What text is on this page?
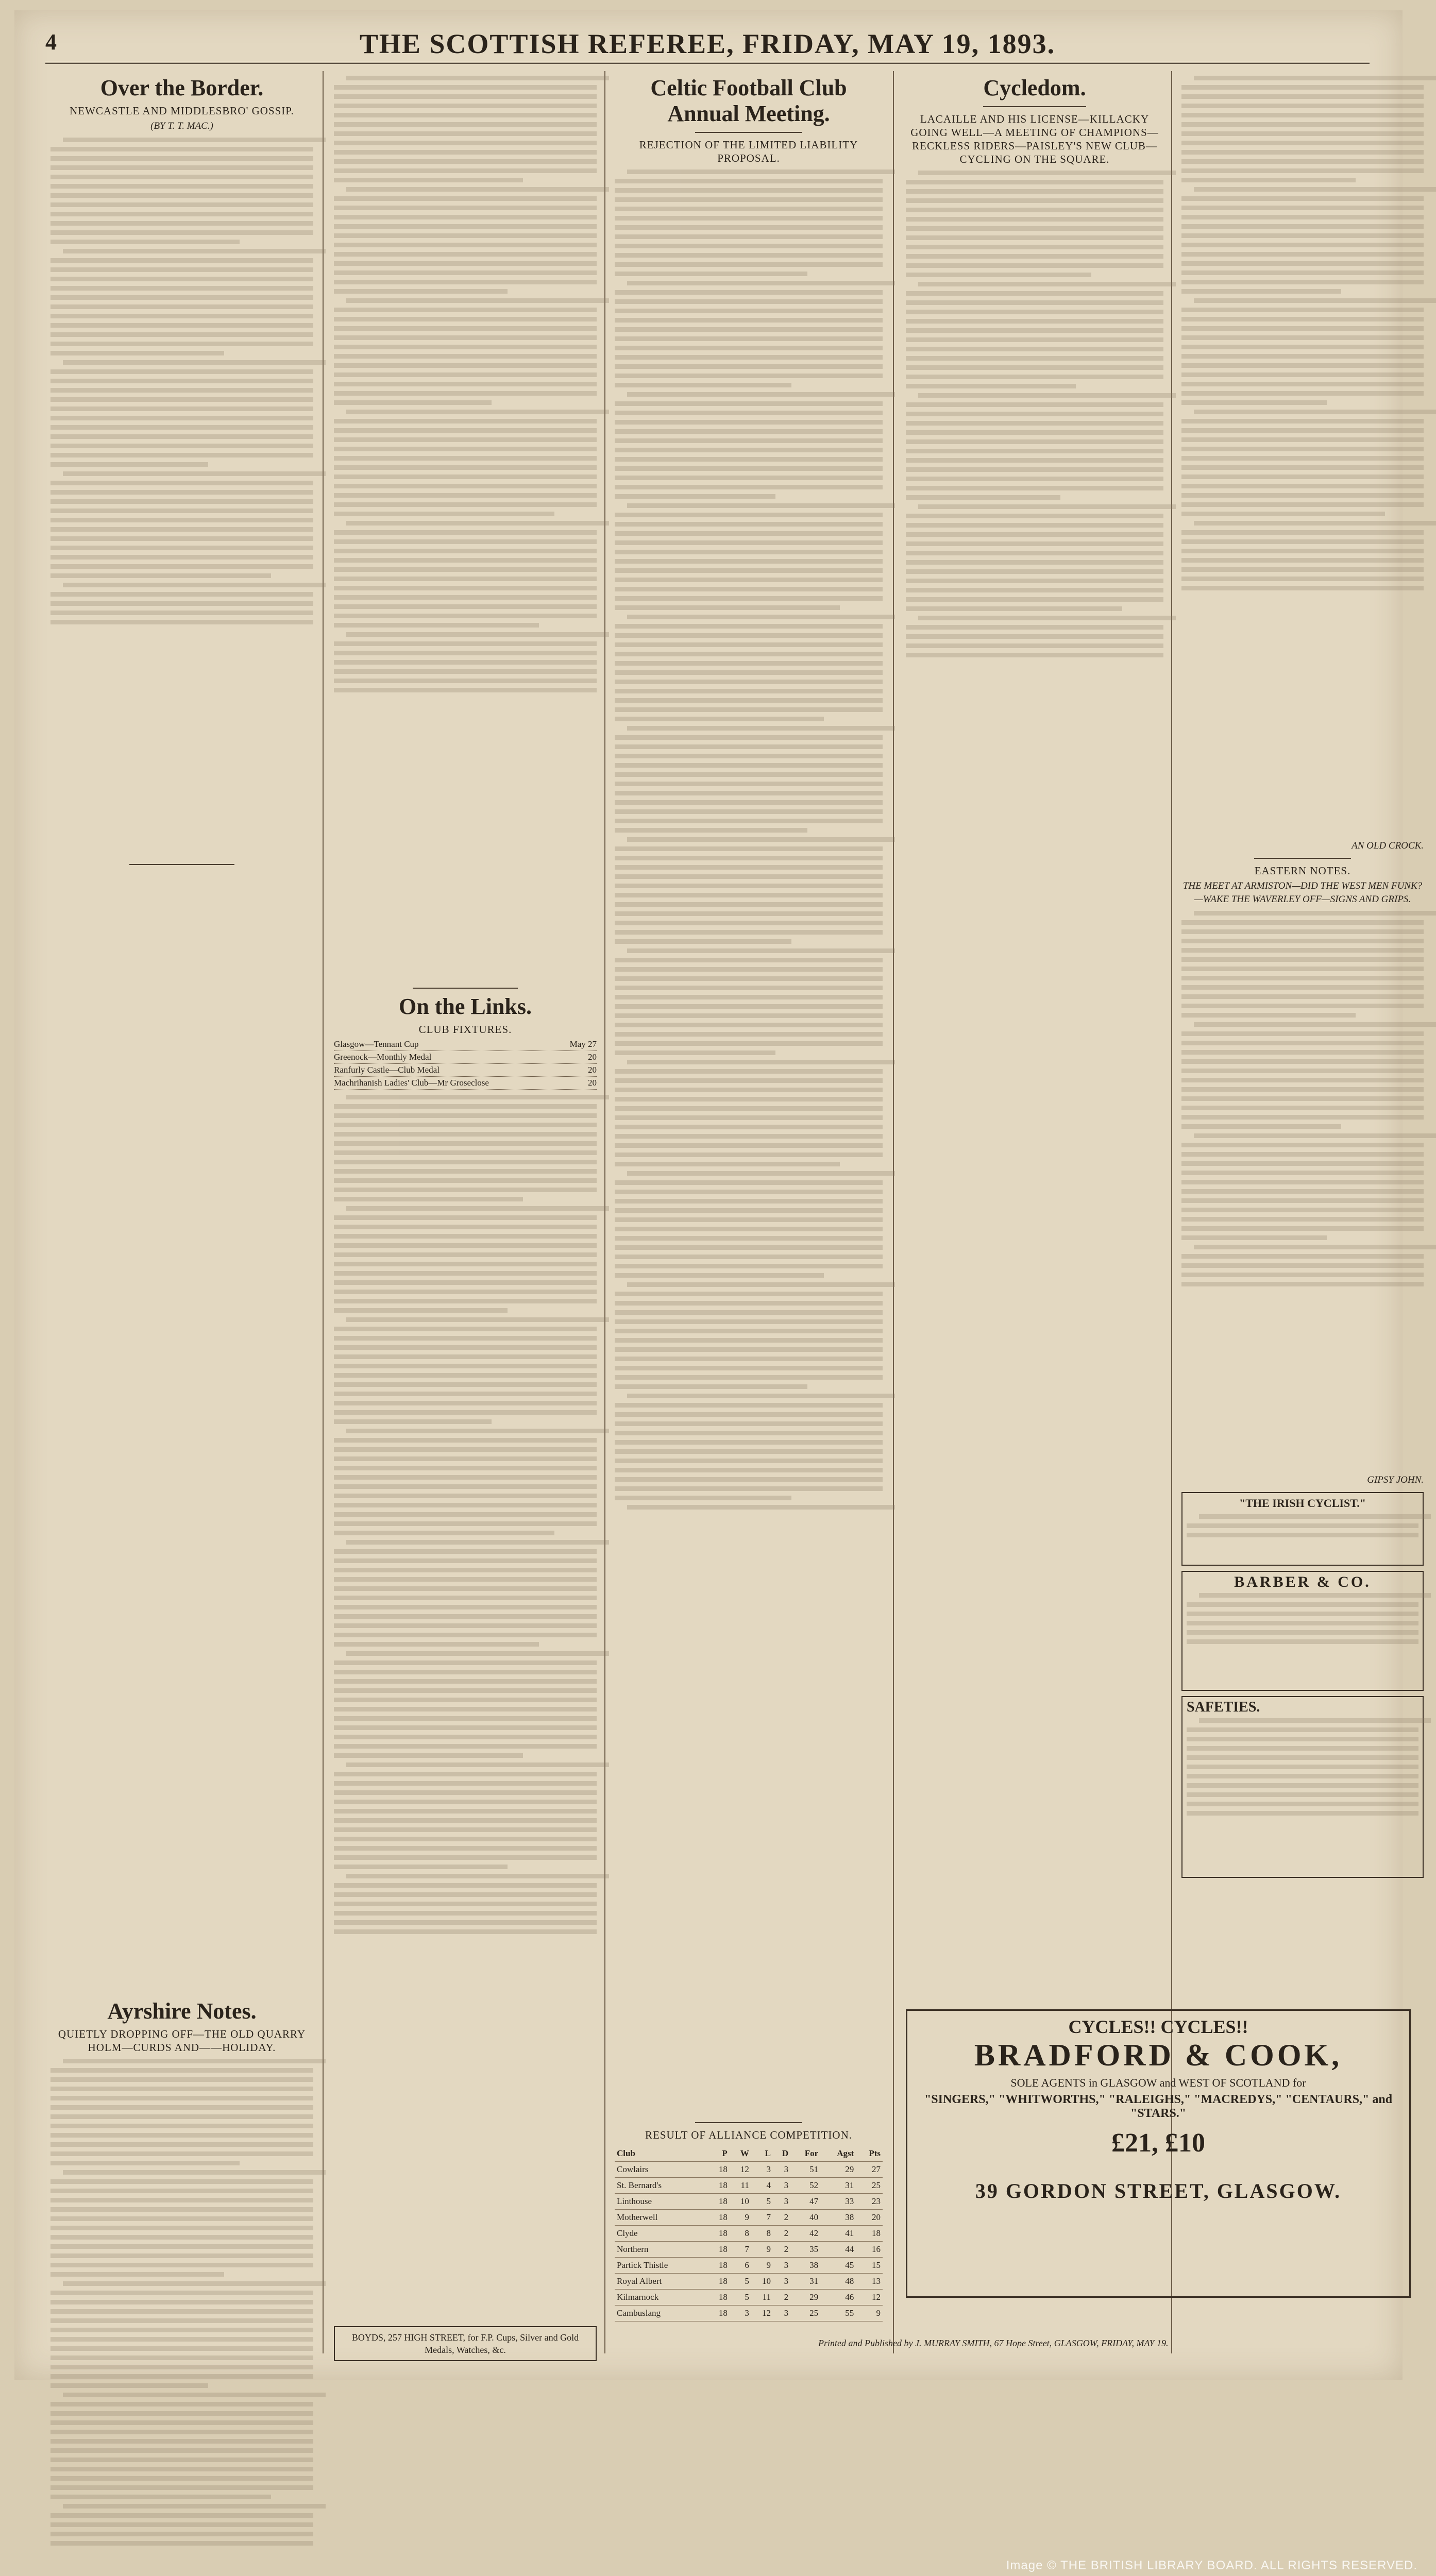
4	THE SCOTTISH REFEREE, FRIDAY, MAY 19, 1893.
Over the Border.
NEWCASTLE AND MIDDLESBRO' GOSSIP.
(BY T. T. MAC.)
Ayrshire Notes.
QUIETLY DROPPING OFF—THE OLD QUARRY HOLM—CURDS AND——HOLIDAY.
On the Links.
CLUB FIXTURES.
Glasgow—Tennant Cup	May 27
Greenock—Monthly Medal	20
Ranfurly Castle—Club Medal	20
Machrihanish Ladies' Club—Mr Groseclose	20
BOYDS, 257 HIGH STREET, for F.P. Cups, Silver and Gold Medals, Watches, &c.
Celtic Football Club Annual Meeting.
REJECTION OF THE LIMITED LIABILITY PROPOSAL.
RESULT OF ALLIANCE COMPETITION.
Club	P	W	L	D	For	Agst	Pts
Cowlairs	18	12	3	3	51	29	27
St. Bernard's	18	11	4	3	52	31	25
Linthouse	18	10	5	3	47	33	23
Motherwell	18	9	7	2	40	38	20
Clyde	18	8	8	2	42	41	18
Northern	18	7	9	2	35	44	16
Partick Thistle	18	6	9	3	38	45	15
Royal Albert	18	5	10	3	31	48	13
Kilmarnock	18	5	11	2	29	46	12
Cambuslang	18	3	12	3	25	55	9
Cycledom.
LACAILLE AND HIS LICENSE—KILLACKY GOING WELL—A MEETING OF CHAMPIONS—RECKLESS RIDERS—PAISLEY'S NEW CLUB—CYCLING ON THE SQUARE.
AN OLD CROCK.
EASTERN NOTES.
THE MEET AT ARMISTON—DID THE WEST MEN FUNK?—WAKE THE WAVERLEY OFF—SIGNS AND GRIPS.
GIPSY JOHN.
"THE IRISH CYCLIST."
BARBER & CO.
SAFETIES.
CYCLES!! CYCLES!!
BRADFORD & COOK,
SOLE AGENTS in GLASGOW and WEST OF SCOTLAND for
"SINGERS," "WHITWORTHS," "RALEIGHS," "MACREDYS," "CENTAURS," and "STARS."
£21, £10
39 GORDON STREET, GLASGOW.
Printed and Published by J. MURRAY SMITH, 67 Hope Street, GLASGOW, FRIDAY, MAY 19.
Image © THE BRITISH LIBRARY BOARD. ALL RIGHTS RESERVED.
